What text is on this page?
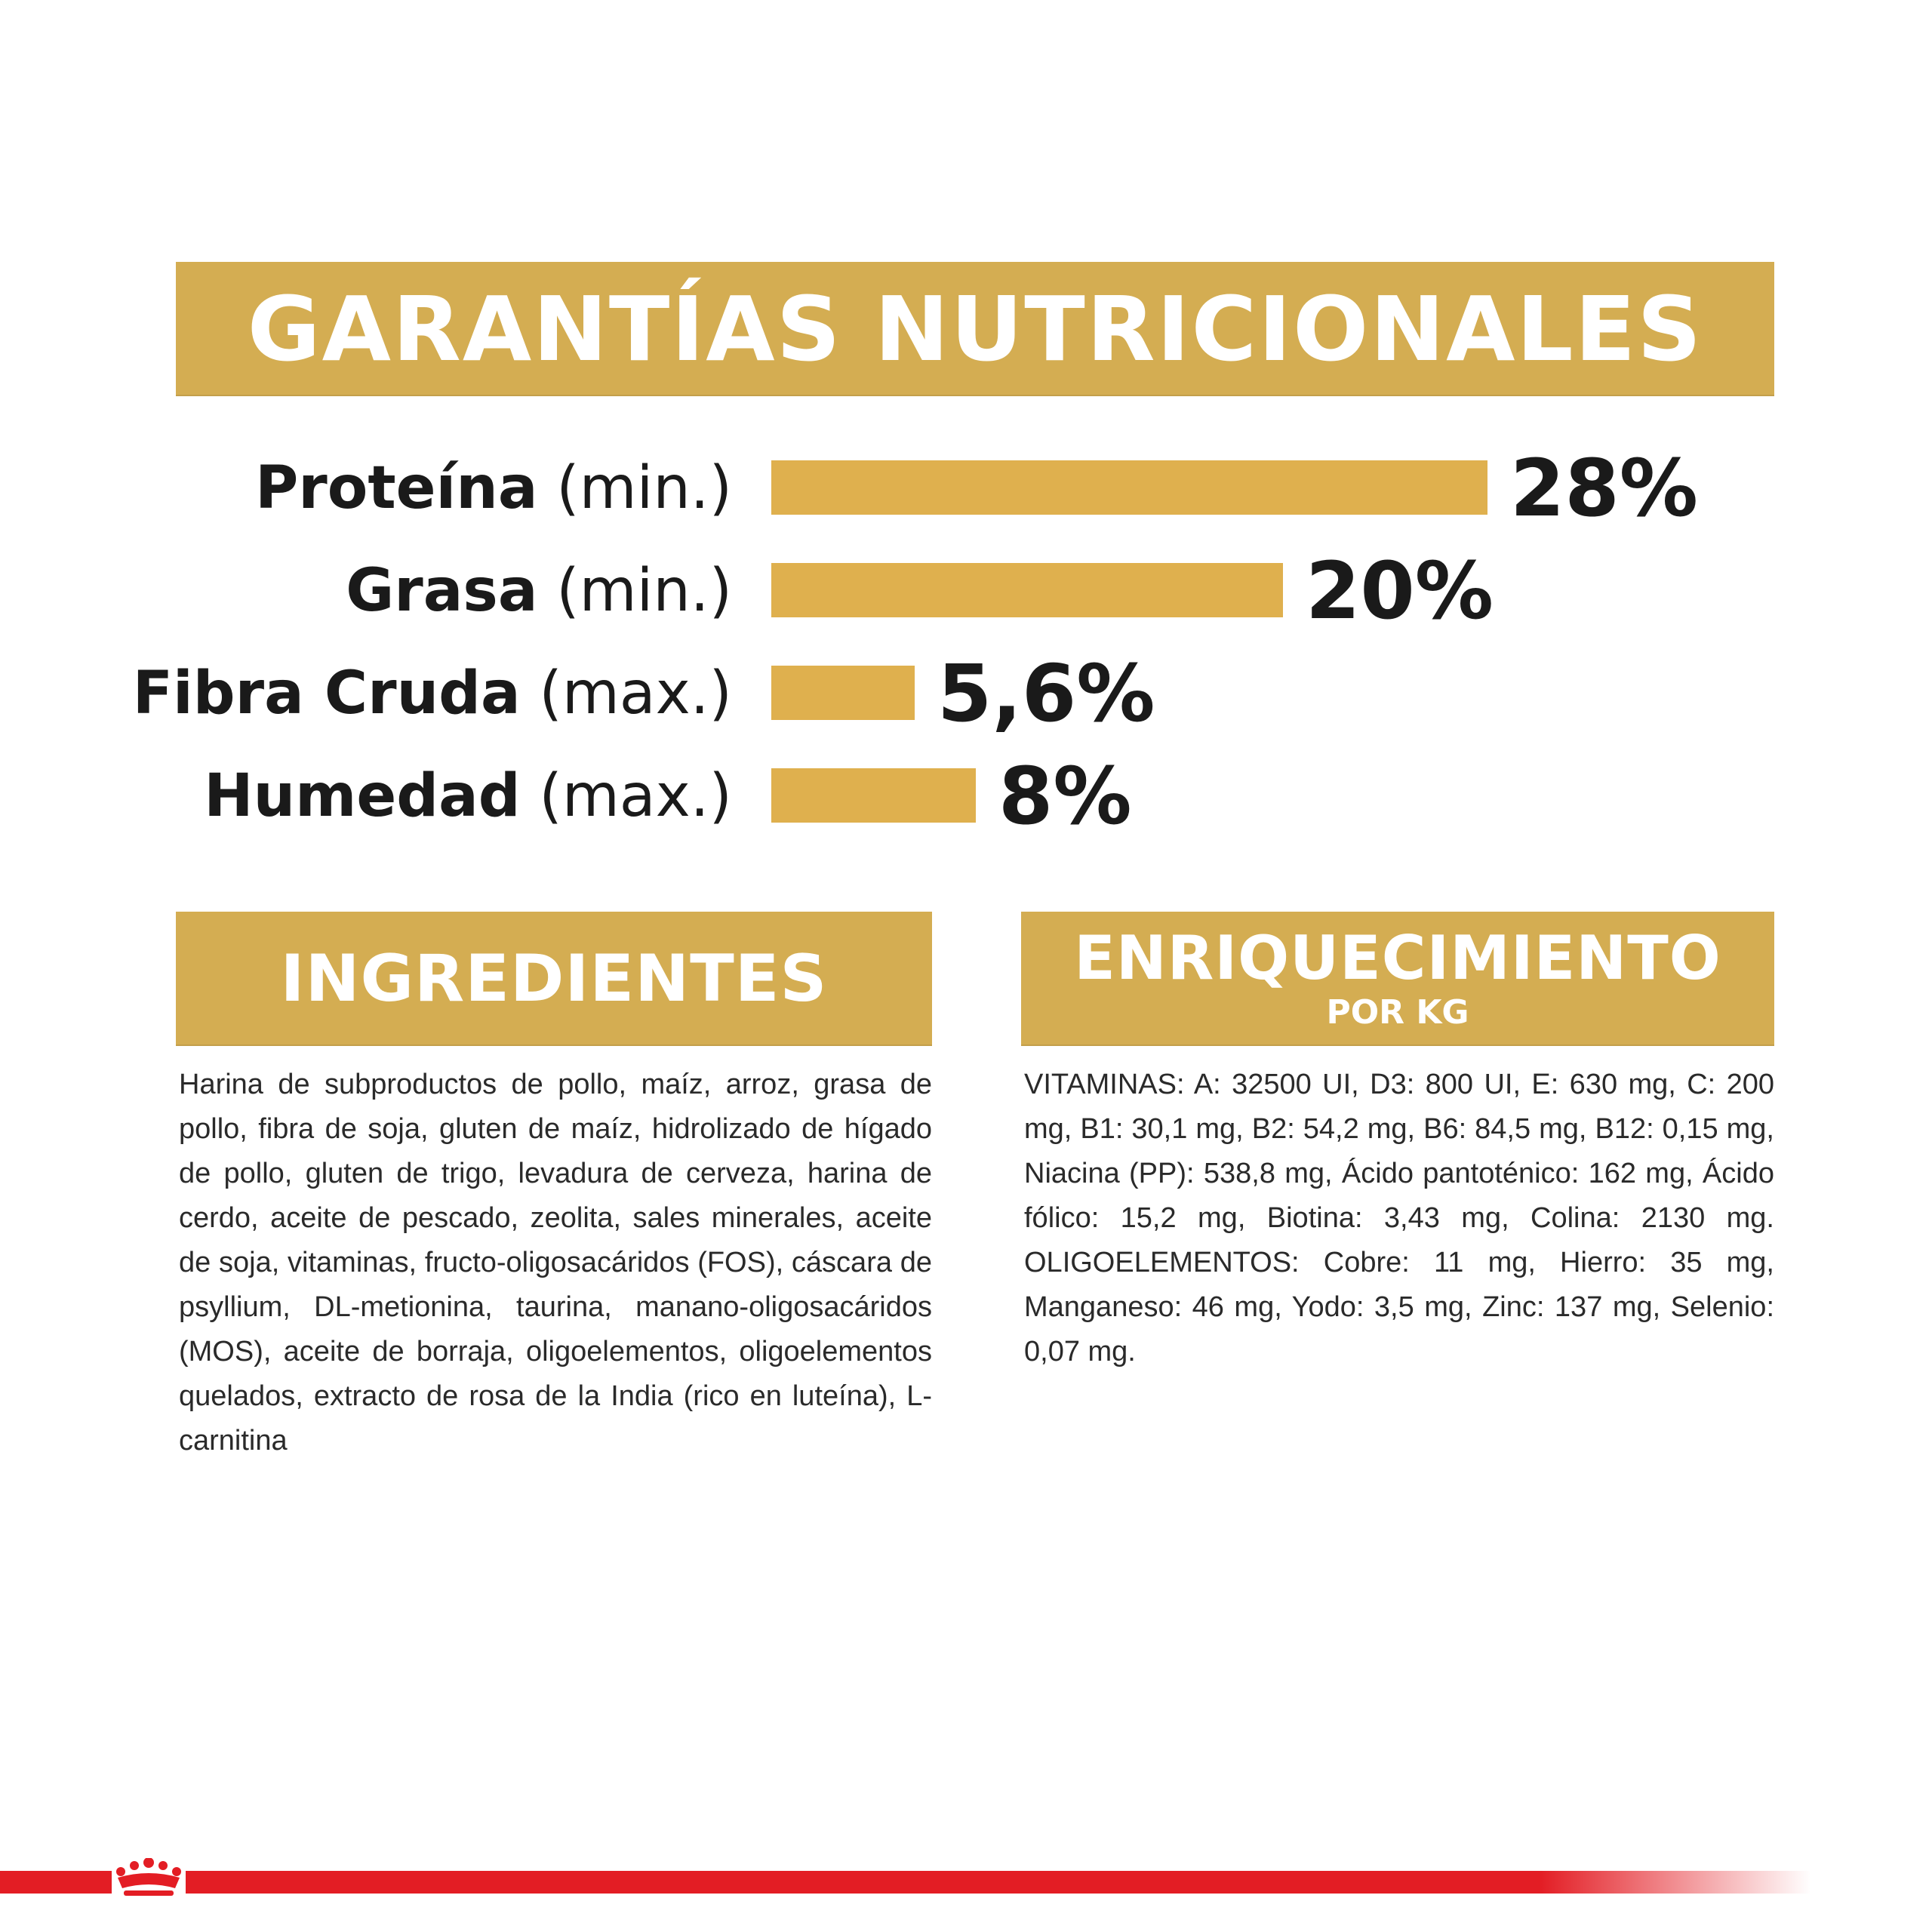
GARANTÍAS NUTRICIONALES
Proteína (min.)	28%
Grasa (min.)	20%
Fibra Cruda (max.)	5,6%
Humedad (max.)	8%
INGREDIENTES
Harina de subproductos de pollo, maíz, arroz, grasa de pollo, fibra de soja, gluten de maíz, hidrolizado de hígado de pollo, gluten de trigo, levadura de cerveza, harina de cerdo, aceite de pescado, zeolita, sales minerales, aceite de soja, vitaminas, fructo-oligosacáridos (FOS), cáscara de psyllium, DL-metionina, taurina, manano-oligosacáridos (MOS), aceite de borraja, oligoelementos, oligoelementos quelados, extracto de rosa de la India (rico en luteína), L-carnitina
ENRIQUECIMIENTO
POR KG
VITAMINAS: A: 32500 UI, D3: 800 UI, E: 630 mg, C: 200 mg, B1: 30,1 mg, B2: 54,2 mg, B6: 84,5 mg, B12: 0,15 mg, Niacina (PP): 538,8 mg, Ácido pantoténico: 162 mg, Ácido fólico: 15,2 mg, Biotina: 3,43 mg, Colina: 2130 mg. OLIGOELEMENTOS: Cobre: 11 mg, Hierro: 35 mg, Manganeso: 46 mg, Yodo: 3,5 mg, Zinc: 137 mg, Selenio: 0,07 mg.
